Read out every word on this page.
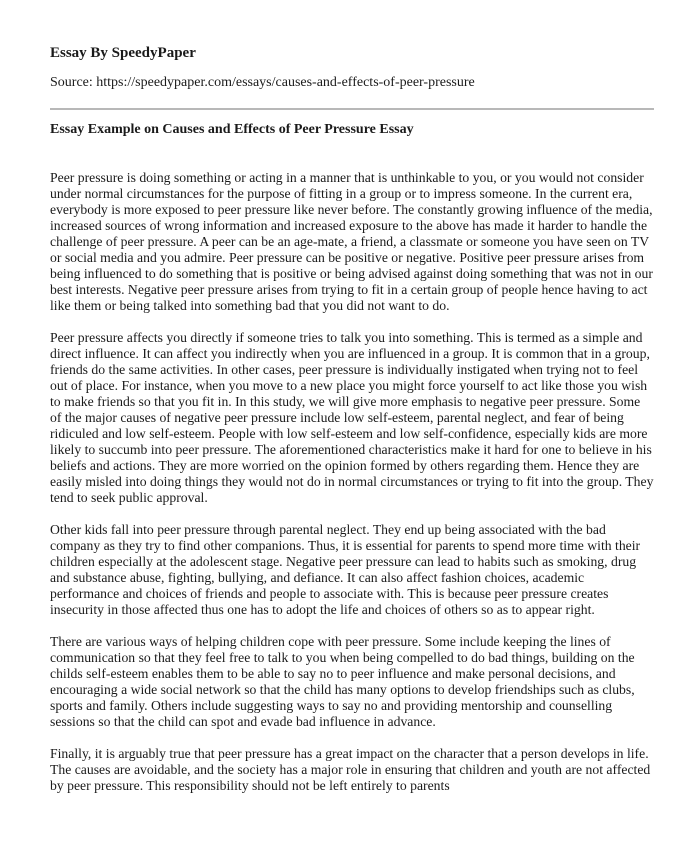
Essay By SpeedyPaper

Source: https://speedypaper.com/essays/causes-and-effects-of-peer-pressure

Essay Example on Causes and Effects of Peer Pressure Essay

Peer pressure is doing something or acting in a manner that is unthinkable to you, or you would not consider under normal circumstances for the purpose of fitting in a group or to impress someone. In the current era, everybody is more exposed to peer pressure like never before. The constantly growing influence of the media, increased sources of wrong information and increased exposure to the above has made it harder to handle the challenge of peer pressure. A peer can be an age-mate, a friend, a classmate or someone you have seen on TV or social media and you admire. Peer pressure can be positive or negative. Positive peer pressure arises from being influenced to do something that is positive or being advised against doing something that was not in our best interests. Negative peer pressure arises from trying to fit in a certain group of people hence having to act like them or being talked into something bad that you did not want to do.

Peer pressure affects you directly if someone tries to talk you into something. This is termed as a simple and direct influence. It can affect you indirectly when you are influenced in a group. It is common that in a group, friends do the same activities. In other cases, peer pressure is individually instigated when trying not to feel out of place. For instance, when you move to a new place you might force yourself to act like those you wish to make friends so that you fit in. In this study, we will give more emphasis to negative peer pressure. Some of the major causes of negative peer pressure include low self-esteem, parental neglect, and fear of being ridiculed and low self-esteem. People with low self-esteem and low self-confidence, especially kids are more likely to succumb into peer pressure. The aforementioned characteristics make it hard for one to believe in his beliefs and actions. They are more worried on the opinion formed by others regarding them. Hence they are easily misled into doing things they would not do in normal circumstances or trying to fit into the group. They tend to seek public approval.

Other kids fall into peer pressure through parental neglect. They end up being associated with the bad company as they try to find other companions. Thus, it is essential for parents to spend more time with their children especially at the adolescent stage. Negative peer pressure can lead to habits such as smoking, drug and substance abuse, fighting, bullying, and defiance. It can also affect fashion choices, academic performance and choices of friends and people to associate with. This is because peer pressure creates insecurity in those affected thus one has to adopt the life and choices of others so as to appear right.

There are various ways of helping children cope with peer pressure. Some include keeping the lines of communication so that they feel free to talk to you when being compelled to do bad things, building on the childs self-esteem enables them to be able to say no to peer influence and make personal decisions, and encouraging a wide social network so that the child has many options to develop friendships such as clubs, sports and family. Others include suggesting ways to say no and providing mentorship and counselling sessions so that the child can spot and evade bad influence in advance.

Finally, it is arguably true that peer pressure has a great impact on the character that a person develops in life. The causes are avoidable, and the society has a major role in ensuring that children and youth are not affected by peer pressure. This responsibility should not be left entirely to parents
